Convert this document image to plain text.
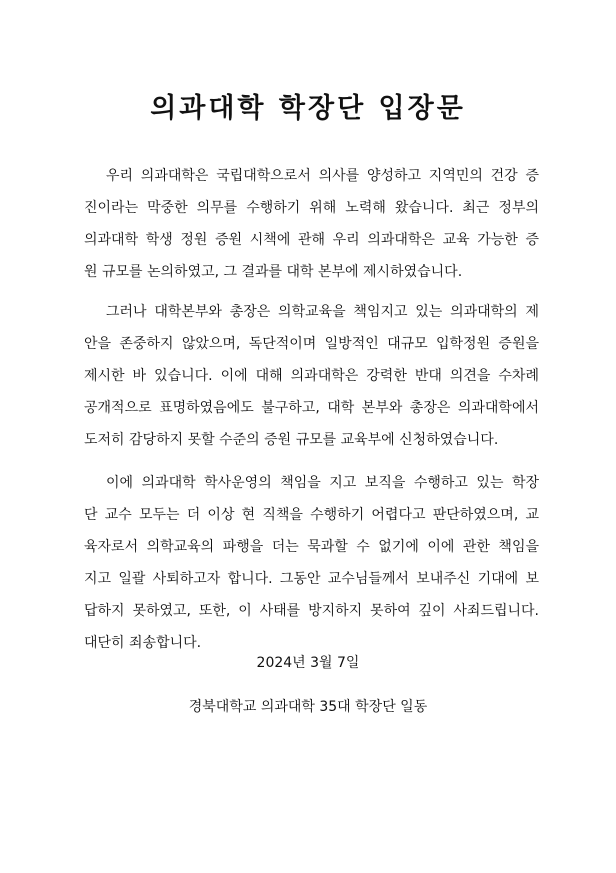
의과대학 학장단 입장문
우리 의과대학은 국립대학으로서 의사를 양성하고 지역민의 건강 증
진이라는 막중한 의무를 수행하기 위해 노력해 왔습니다. 최근 정부의
의과대학 학생 정원 증원 시책에 관해 우리 의과대학은 교육 가능한 증
원 규모를 논의하였고, 그 결과를 대학 본부에 제시하였습니다.
그러나 대학본부와 총장은 의학교육을 책임지고 있는 의과대학의 제
안을 존중하지 않았으며, 독단적이며 일방적인 대규모 입학정원 증원을
제시한 바 있습니다. 이에 대해 의과대학은 강력한 반대 의견을 수차례
공개적으로 표명하였음에도 불구하고, 대학 본부와 총장은 의과대학에서
도저히 감당하지 못할 수준의 증원 규모를 교육부에 신청하였습니다.
이에 의과대학 학사운영의 책임을 지고 보직을 수행하고 있는 학장
단 교수 모두는 더 이상 현 직책을 수행하기 어렵다고 판단하였으며, 교
육자로서 의학교육의 파행을 더는 묵과할 수 없기에 이에 관한 책임을
지고 일괄 사퇴하고자 합니다. 그동안 교수님들께서 보내주신 기대에 보
답하지 못하였고, 또한, 이 사태를 방지하지 못하여 깊이 사죄드립니다.
대단히 죄송합니다.
2024년 3월 7일
경북대학교 의과대학 35대 학장단 일동
